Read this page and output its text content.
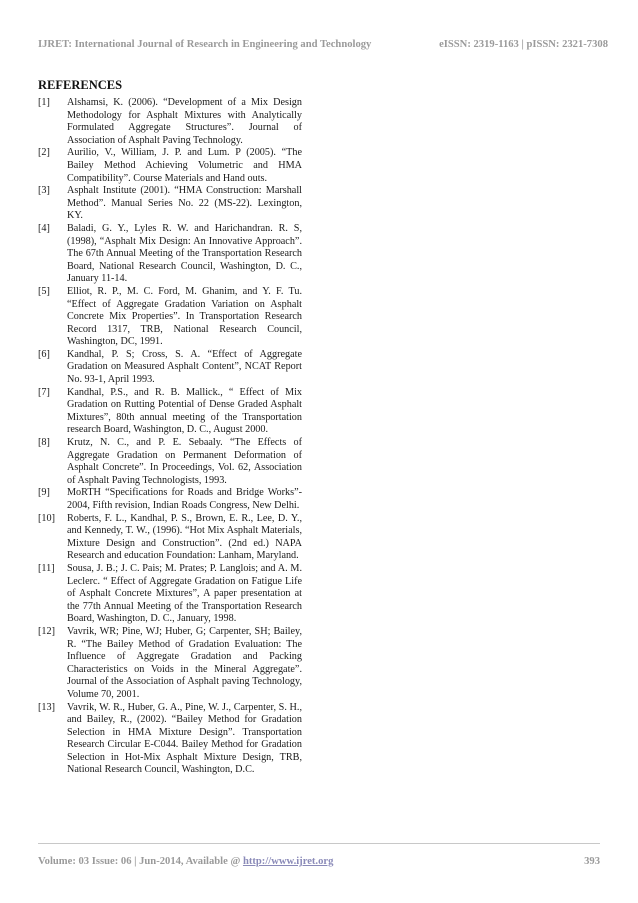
IJRET: International Journal of Research in Engineering and Technology	eISSN: 2319-1163 | pISSN: 2321-7308
REFERENCES
[1]	Alshamsi, K. (2006). “Development of a Mix Design Methodology for Asphalt Mixtures with Analytically Formulated Aggregate Structures”. Journal of Association of Asphalt Paving Technology.
[2]	Aurilio, V., William, J. P. and Lum. P (2005). “The Bailey Method Achieving Volumetric and HMA Compatibility”. Course Materials and Hand outs.
[3]	Asphalt Institute (2001). “HMA Construction: Marshall Method”. Manual Series No. 22 (MS-22). Lexington, KY.
[4]	Baladi, G. Y., Lyles R. W. and Harichandran. R. S, (1998), “Asphalt Mix Design: An Innovative Approach”. The 67th Annual Meeting of the Transportation Research Board, National Research Council, Washington, D. C., January 11-14.
[5]	Elliot, R. P., M. C. Ford, M. Ghanim, and Y. F. Tu. “Effect of Aggregate Gradation Variation on Asphalt Concrete Mix Properties”. In Transportation Research Record 1317, TRB, National Research Council, Washington, DC, 1991.
[6]	Kandhal, P. S; Cross, S. A. “Effect of Aggregate Gradation on Measured Asphalt Content”, NCAT Report No. 93-1, April 1993.
[7]	Kandhal, P.S., and R. B. Mallick., “ Effect of Mix Gradation on Rutting Potential of Dense Graded Asphalt Mixtures”, 80th annual meeting of the Transportation research Board, Washington, D. C., August 2000.
[8]	Krutz, N. C., and P. E. Sebaaly. “The Effects of Aggregate Gradation on Permanent Deformation of Asphalt Concrete”. In Proceedings, Vol. 62, Association of Asphalt Paving Technologists, 1993.
[9]	MoRTH “Specifications for Roads and Bridge Works”- 2004, Fifth revision, Indian Roads Congress, New Delhi.
[10]	Roberts, F. L., Kandhal, P. S., Brown, E. R., Lee, D. Y., and Kennedy, T. W., (1996). “Hot Mix Asphalt Materials, Mixture Design and Construction”. (2nd ed.) NAPA Research and education Foundation: Lanham, Maryland.
[11]	Sousa, J. B.; J. C. Pais; M. Prates; P. Langlois; and A. M. Leclerc. “ Effect of Aggregate Gradation on Fatigue Life of Asphalt Concrete Mixtures”, A paper presentation at the 77th Annual Meeting of the Transportation Research Board, Washington, D. C., January, 1998.
[12]	Vavrik, WR; Pine, WJ; Huber, G; Carpenter, SH; Bailey, R. “The Bailey Method of Gradation Evaluation: The Influence of Aggregate Gradation and Packing Characteristics on Voids in the Mineral Aggregate”. Journal of the Association of Asphalt paving Technology, Volume 70, 2001.
[13]	Vavrik, W. R., Huber, G. A., Pine, W. J., Carpenter, S. H., and Bailey, R., (2002). “Bailey Method for Gradation Selection in HMA Mixture Design”. Transportation Research Circular E-C044. Bailey Method for Gradation Selection in Hot-Mix Asphalt Mixture Design, TRB, National Research Council, Washington, D.C.
Volume: 03 Issue: 06 | Jun-2014, Available @ http://www.ijret.org	393
